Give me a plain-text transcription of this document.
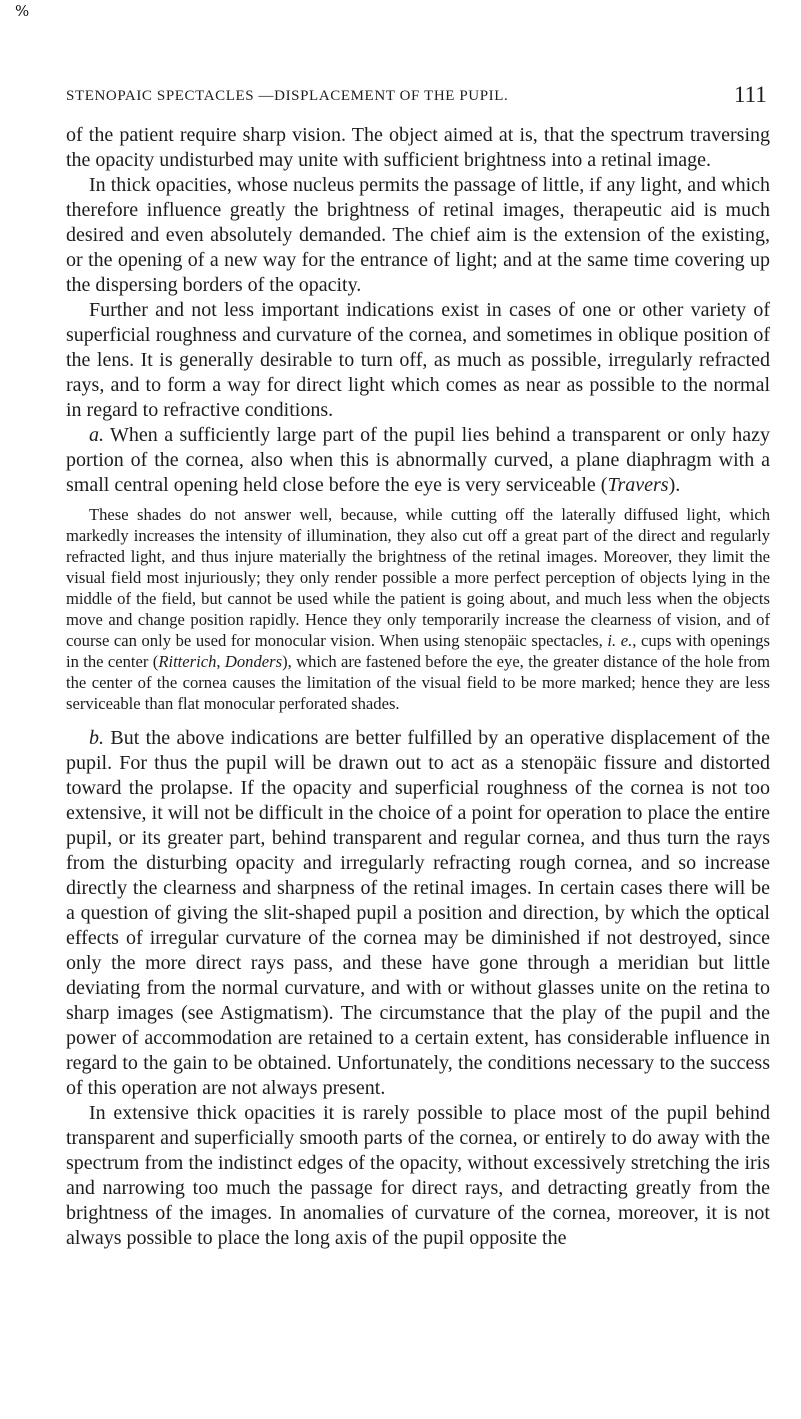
%
STENOPAIC SPECTACLES —DISPLACEMENT OF THE PUPIL.	111

of the patient require sharp vision. The object aimed at is, that the spectrum traversing the opacity undisturbed may unite with sufficient brightness into a retinal image.

In thick opacities, whose nucleus permits the passage of little, if any light, and which therefore influence greatly the brightness of retinal images, therapeutic aid is much desired and even absolutely demanded. The chief aim is the extension of the existing, or the opening of a new way for the entrance of light; and at the same time covering up the dispersing borders of the opacity.

Further and not less important indications exist in cases of one or other variety of superficial roughness and curvature of the cornea, and sometimes in oblique position of the lens. It is generally desirable to turn off, as much as possible, irregularly refracted rays, and to form a way for direct light which comes as near as possible to the normal in regard to refractive conditions.

a. When a sufficiently large part of the pupil lies behind a transparent or only hazy portion of the cornea, also when this is abnormally curved, a plane diaphragm with a small central opening held close before the eye is very serviceable (Travers).

These shades do not answer well, because, while cutting off the laterally diffused light, which markedly increases the intensity of illumination, they also cut off a great part of the direct and regularly refracted light, and thus injure materially the brightness of the retinal images. Moreover, they limit the visual field most injuriously; they only render possible a more perfect perception of objects lying in the middle of the field, but cannot be used while the patient is going about, and much less when the objects move and change position rapidly. Hence they only temporarily increase the clearness of vision, and of course can only be used for monocular vision. When using stenopäic spectacles, i. e., cups with openings in the center (Ritterich, Donders), which are fastened before the eye, the greater distance of the hole from the center of the cornea causes the limitation of the visual field to be more marked; hence they are less serviceable than flat monocular perforated shades.

b. But the above indications are better fulfilled by an operative displacement of the pupil. For thus the pupil will be drawn out to act as a stenopäic fissure and distorted toward the prolapse. If the opacity and superficial roughness of the cornea is not too extensive, it will not be difficult in the choice of a point for operation to place the entire pupil, or its greater part, behind transparent and regular cornea, and thus turn the rays from the disturbing opacity and irregularly refracting rough cornea, and so increase directly the clearness and sharpness of the retinal images. In certain cases there will be a question of giving the slit-shaped pupil a position and direction, by which the optical effects of irregular curvature of the cornea may be diminished if not destroyed, since only the more direct rays pass, and these have gone through a meridian but little deviating from the normal curvature, and with or without glasses unite on the retina to sharp images (see Astigmatism). The circumstance that the play of the pupil and the power of accommodation are retained to a certain extent, has considerable influence in regard to the gain to be obtained. Unfortunately, the conditions necessary to the success of this operation are not always present.

In extensive thick opacities it is rarely possible to place most of the pupil behind transparent and superficially smooth parts of the cornea, or entirely to do away with the spectrum from the indistinct edges of the opacity, without excessively stretching the iris and narrowing too much the passage for direct rays, and detracting greatly from the brightness of the images. In anomalies of curvature of the cornea, moreover, it is not always possible to place the long axis of the pupil opposite the
